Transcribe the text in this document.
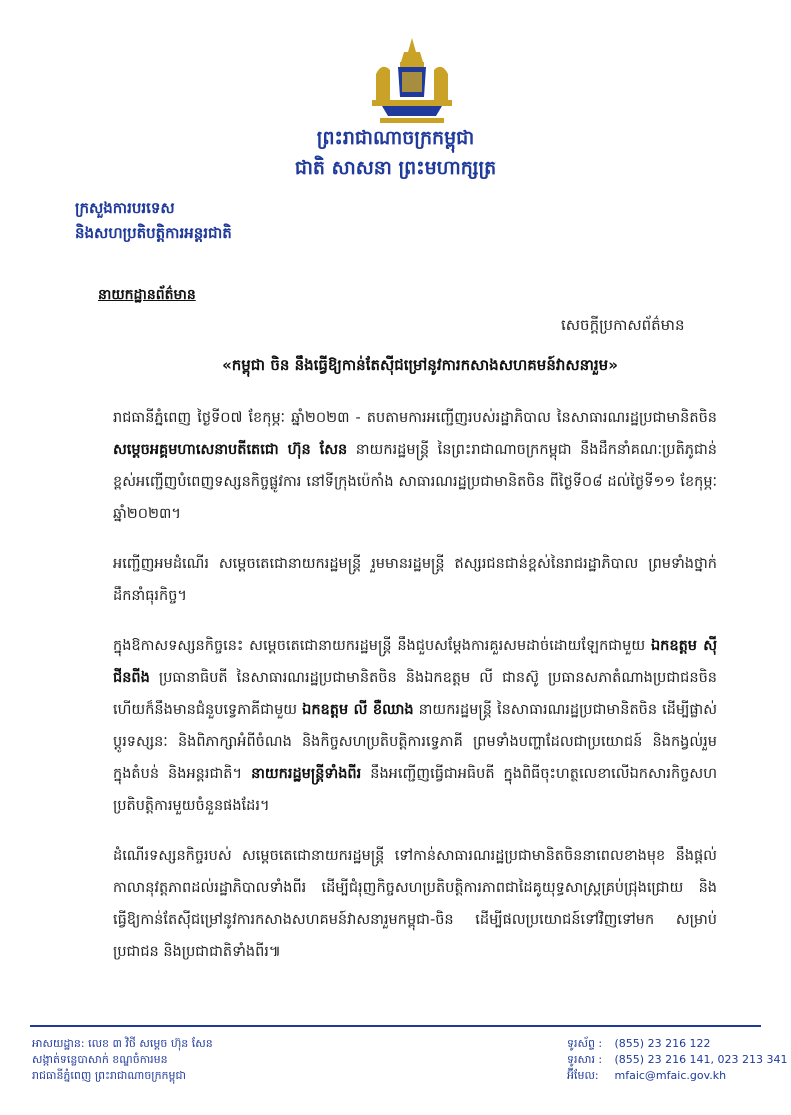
ព្រះរាជាណាចក្រកម្ពុជា
ជាតិ សាសនា ព្រះមហាក្សត្រ
ក្រសួងការបរទេស
និងសហប្រតិបត្តិការអន្តរជាតិ
នាយកដ្ឋានព័ត៌មាន
សេចក្ដីប្រកាសព័ត៌មាន
«កម្ពុជា ចិន នឹងធ្វើឱ្យកាន់តែស៊ីជម្រៅនូវការកសាងសហគមន៍វាសនារួម»

រាជធានីភ្នំពេញ ថ្ងៃទី០៧ ខែកុម្ភៈ ឆ្នាំ២០២៣ - តបតាមការអញ្ជើញរបស់រដ្ឋាភិបាល នៃសាធារណរដ្ឋប្រជាមានិតចិន សម្តេចអគ្គមហាសេនាបតីតេជោ ហ៊ុន សែន នាយករដ្ឋមន្ត្រី នៃព្រះរាជាណាចក្រកម្ពុជា នឹងដឹកនាំគណៈប្រតិភូជាន់ខ្ពស់អញ្ជើញបំពេញទស្សនកិច្ចផ្លូវការ នៅទីក្រុងប៉េកាំង សាធារណរដ្ឋប្រជាមានិតចិន ពីថ្ងៃទី០៨ ដល់ថ្ងៃទី១១ ខែកុម្ភៈ ឆ្នាំ២០២៣។

អញ្ជើញអមដំណើរ សម្តេចតេជោនាយករដ្ឋមន្ត្រី រួមមានរដ្ឋមន្ត្រី ឥស្សរជនជាន់ខ្ពស់នៃរាជរដ្ឋាភិបាល ព្រមទាំងថ្នាក់ដឹកនាំធុរកិច្ច។

ក្នុងឱកាសទស្សនកិច្ចនេះ សម្តេចតេជោនាយករដ្ឋមន្ត្រី នឹងជួបសម្តែងការគួរសមដាច់ដោយឡែកជាមួយ ឯកឧត្តម ស៊ី ជីនពីង ប្រធានាធិបតី នៃសាធារណរដ្ឋប្រជាមានិតចិន និងឯកឧត្តម លី ជានស៊ូ ប្រធានសភាតំណាងប្រជាជនចិន ហើយក៏នឹងមានជំនួបទ្វេភាគីជាមួយ ឯកឧត្តម លី ខឺឈាង នាយករដ្ឋមន្ត្រី នៃសាធារណរដ្ឋប្រជាមានិតចិន ដើម្បីផ្លាស់ប្តូរទស្សនៈ និងពិភាក្សាអំពីចំណង និងកិច្ចសហប្រតិបត្តិការទ្វេភាគី ព្រមទាំងបញ្ហាដែលជាប្រយោជន៍ និងកង្វល់រួម ក្នុងតំបន់ និងអន្តរជាតិ។ នាយករដ្ឋមន្ត្រីទាំងពីរ នឹងអញ្ជើញធ្វើជាអធិបតី ក្នុងពិធីចុះហត្ថលេខាលើឯកសារកិច្ចសហប្រតិបត្តិការមួយចំនួនផងដែរ។

ដំណើរទស្សនកិច្ចរបស់ សម្តេចតេជោនាយករដ្ឋមន្ត្រី ទៅកាន់សាធារណរដ្ឋប្រជាមានិតចិននាពេលខាងមុខ នឹងផ្តល់កាលានុវត្តភាពដល់រដ្ឋាភិបាលទាំងពីរ ដើម្បីជំរុញកិច្ចសហប្រតិបត្តិការភាពជាដៃគូយុទ្ធសាស្ត្រគ្រប់ជ្រុងជ្រោយ និងធ្វើឱ្យកាន់តែស៊ីជម្រៅនូវការកសាងសហគមន៍វាសនារួមកម្ពុជា-ចិន ដើម្បីផលប្រយោជន៍ទៅវិញទៅមក សម្រាប់ប្រជាជន និងប្រជាជាតិទាំងពីរ៕

អាសយដ្ឋាន: លេខ ៣ វិថី សម្តេច ហ៊ុន សែន
សង្កាត់ទន្លេបាសាក់ ខណ្ឌចំការមន
រាជធានីភ្នំពេញ ព្រះរាជាណាចក្រកម្ពុជា
ទូរស័ព្ទ : (855) 23 216 122
ទូរសារ : (855) 23 216 141, 023 213 341
អ៊ីមែល: mfaic@mfaic.gov.kh
